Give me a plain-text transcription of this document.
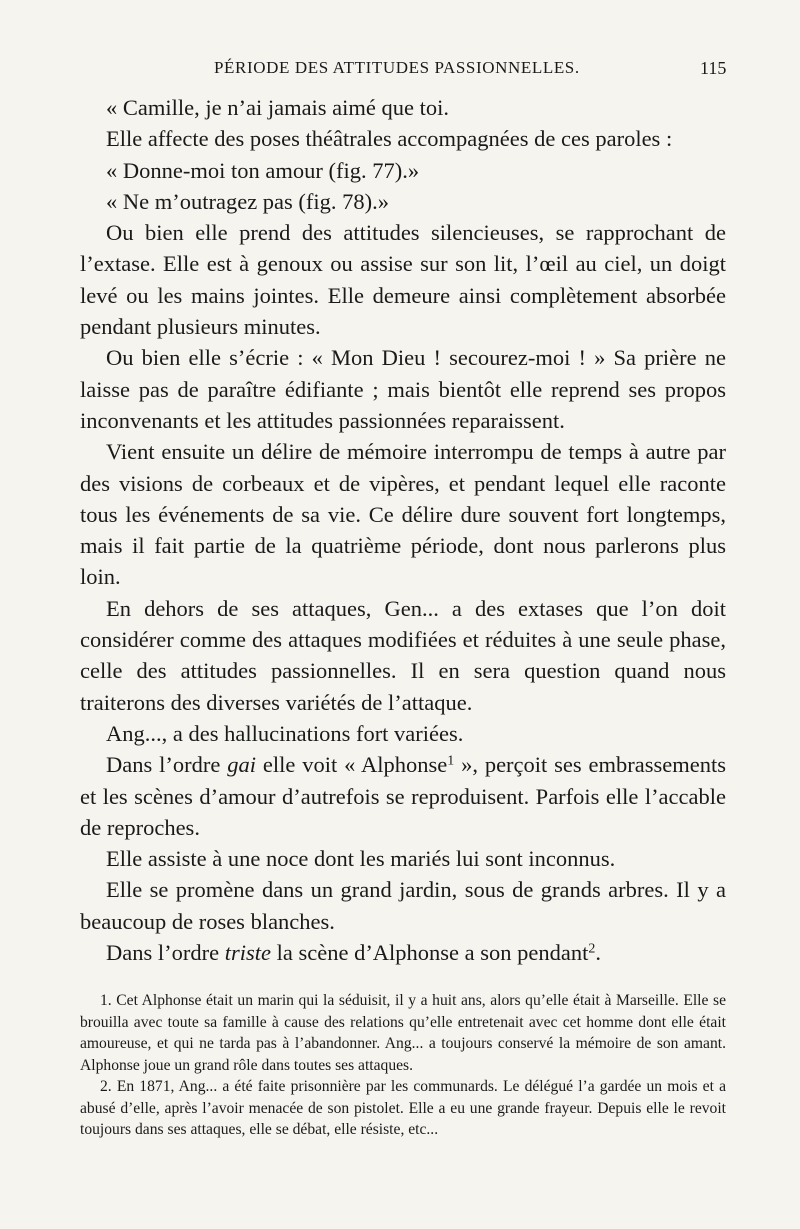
PÉRIODE DES ATTITUDES PASSIONNELLES.	115

« Camille, je n’ai jamais aimé que toi.

Elle affecte des poses théâtrales accompagnées de ces paroles :

« Donne-moi ton amour (fig. 77).»

« Ne m’outragez pas (fig. 78).»

Ou bien elle prend des attitudes silencieuses, se rapprochant de l’extase. Elle est à genoux ou assise sur son lit, l’œil au ciel, un doigt levé ou les mains jointes. Elle demeure ainsi complètement absorbée pendant plusieurs minutes.

Ou bien elle s’écrie : « Mon Dieu ! secourez-moi ! » Sa prière ne laisse pas de paraître édifiante ; mais bientôt elle reprend ses propos inconvenants et les attitudes passionnées reparaissent.

Vient ensuite un délire de mémoire interrompu de temps à autre par des visions de corbeaux et de vipères, et pendant lequel elle raconte tous les événements de sa vie. Ce délire dure souvent fort longtemps, mais il fait partie de la quatrième période, dont nous parlerons plus loin.

En dehors de ses attaques, Gen... a des extases que l’on doit considérer comme des attaques modifiées et réduites à une seule phase, celle des attitudes passionnelles. Il en sera question quand nous traiterons des diverses variétés de l’attaque.

Ang..., a des hallucinations fort variées.

Dans l’ordre gai elle voit « Alphonse$^1$ », perçoit ses embrassements et les scènes d’amour d’autrefois se reproduisent. Parfois elle l’accable de reproches.

Elle assiste à une noce dont les mariés lui sont inconnus.

Elle se promène dans un grand jardin, sous de grands arbres. Il y a beaucoup de roses blanches.

Dans l’ordre triste la scène d’Alphonse a son pendant$^2$.

1. Cet Alphonse était un marin qui la séduisit, il y a huit ans, alors qu’elle était à Marseille. Elle se brouilla avec toute sa famille à cause des relations qu’elle entretenait avec cet homme dont elle était amoureuse, et qui ne tarda pas à l’abandonner. Ang... a toujours conservé la mémoire de son amant. Alphonse joue un grand rôle dans toutes ses attaques.

2. En 1871, Ang... a été faite prisonnière par les communards. Le délégué l’a gardée un mois et a abusé d’elle, après l’avoir menacée de son pistolet. Elle a eu une grande frayeur. Depuis elle le revoit toujours dans ses attaques, elle se débat, elle résiste, etc...
